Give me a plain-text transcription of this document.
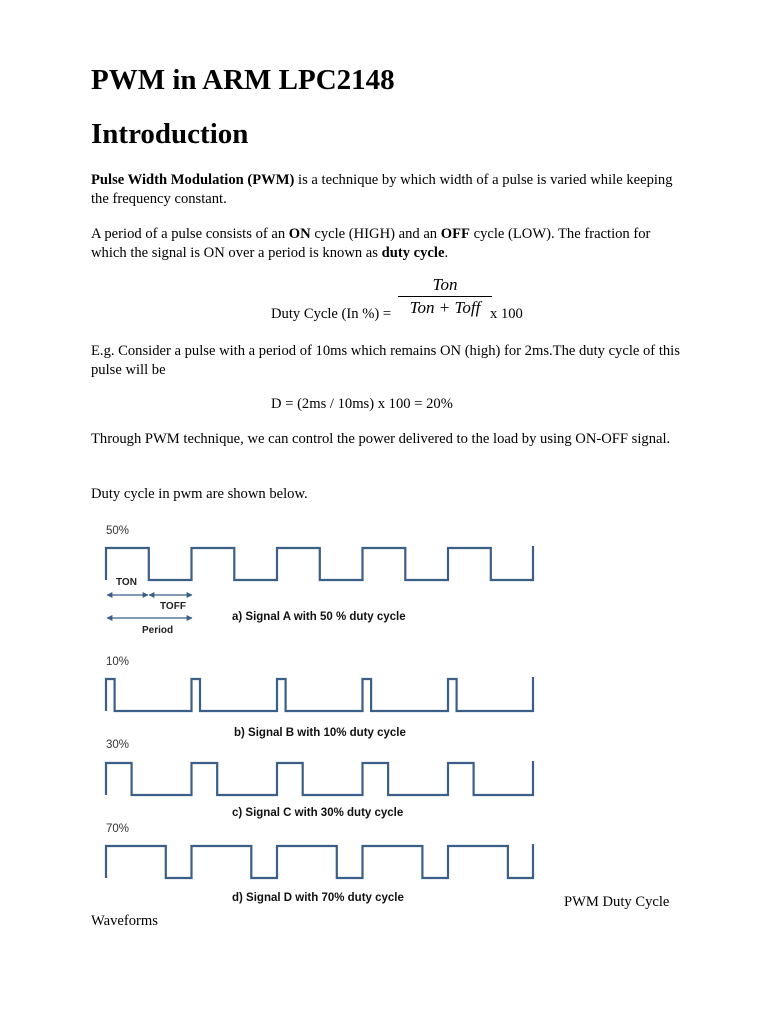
PWM in ARM LPC2148
Introduction

Pulse Width Modulation (PWM) is a technique by which width of a pulse is varied while keeping the frequency constant.

A period of a pulse consists of an ON cycle (HIGH) and an OFF cycle (LOW). The fraction for which the signal is ON over a period is known as duty cycle.

Duty Cycle (In %) =
Ton
Ton + Toff x 100

E.g. Consider a pulse with a period of 10ms which remains ON (high) for 2ms.The duty cycle of this pulse will be

Through PWM technique, we can control the power delivered to the load by using ON-OFF signal.

Duty cycle in pwm are shown below.

D = (2ms / 10ms) x 100 = 20%
50%
a) Signal A with 50 % duty cycle
10%
b) Signal B with 10% duty cycle
30%
c) Signal C with 30% duty cycle
70%
d) Signal D with 70% duty cycle
TON
TOFF
Period
PWM Duty Cycle
Waveforms
